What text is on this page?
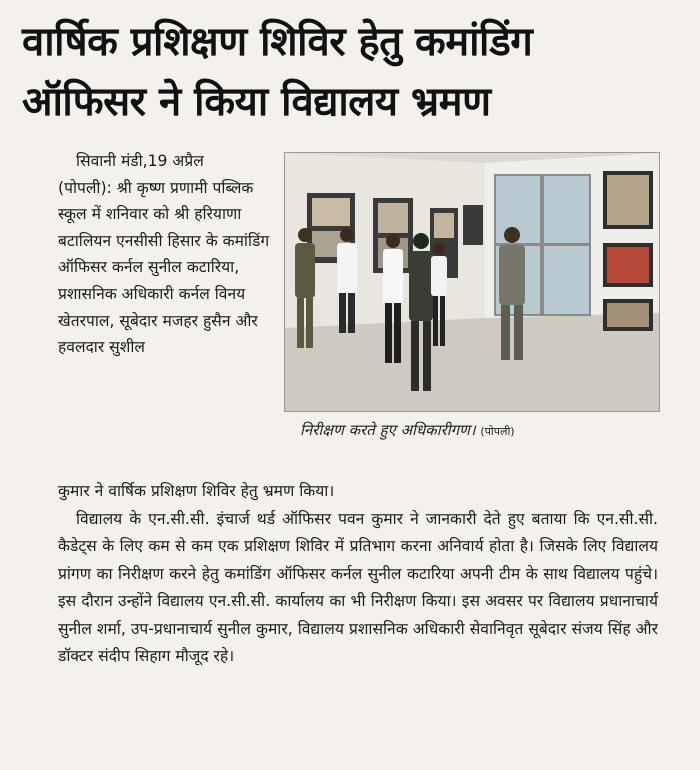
वार्षिक प्रशिक्षण शिविर हेतु कमांडिंग
ऑफिसर ने किया विद्यालय भ्रमण
सिवानी मंडी,19 अप्रैल
(पोपली): श्री कृष्ण प्रणामी पब्लिक स्कूल में शनिवार को श्री हरियाणा बटालियन एनसीसी हिसार के कमांडिंग ऑफिसर कर्नल सुनील कटारिया, प्रशासनिक अधिकारी कर्नल विनय खेतरपाल, सूबेदार मजहर हुसैन और हवलदार सुशील
निरीक्षण करते हुए अधिकारीगण। (पोपली)

कुमार ने वार्षिक प्रशिक्षण शिविर हेतु भ्रमण किया।

विद्यालय के एन.सी.सी. इंचार्ज थर्ड ऑफिसर पवन कुमार ने जानकारी देते हुए बताया कि एन.सी.सी. कैडेट्स के लिए कम से कम एक प्रशिक्षण शिविर में प्रतिभाग करना अनिवार्य होता है। जिसके लिए विद्यालय प्रांगण का निरीक्षण करने हेतु कमांडिंग ऑफिसर कर्नल सुनील कटारिया अपनी टीम के साथ विद्यालय पहुंचे। इस दौरान उन्होंने विद्यालय एन.सी.सी. कार्यालय का भी निरीक्षण किया। इस अवसर पर विद्यालय प्रधानाचार्य सुनील शर्मा, उप-प्रधानाचार्य सुनील कुमार, विद्यालय प्रशासनिक अधिकारी सेवानिवृत सूबेदार संजय सिंह और डॉक्टर संदीप सिहाग मौजूद रहे।
